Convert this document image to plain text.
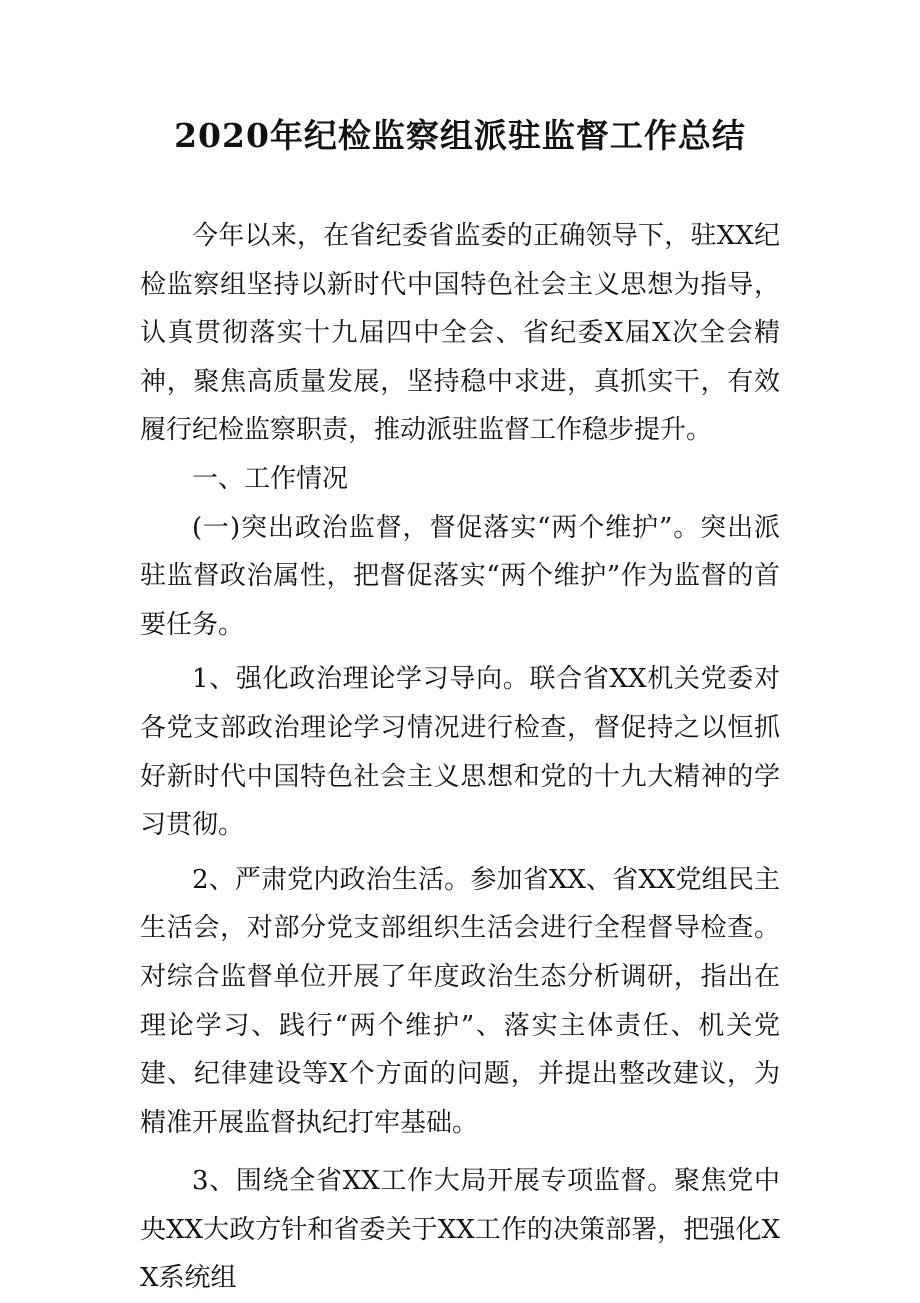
2020年纪检监察组派驻监督工作总结

今年以来，在省纪委省监委的正确领导下，驻XX纪检监察组坚持以新时代中国特色社会主义思想为指导，认真贯彻落实十九届四中全会、省纪委X届X次全会精神，聚焦高质量发展，坚持稳中求进，真抓实干，有效履行纪检监察职责，推动派驻监督工作稳步提升。

一、工作情况

(一)突出政治监督，督促落实“两个维护”。突出派驻监督政治属性，把督促落实“两个维护”作为监督的首要任务。

1、强化政治理论学习导向。联合省XX机关党委对各党支部政治理论学习情况进行检查，督促持之以恒抓好新时代中国特色社会主义思想和党的十九大精神的学习贯彻。

2、严肃党内政治生活。参加省XX、省XX党组民主生活会，对部分党支部组织生活会进行全程督导检查。对综合监督单位开展了年度政治生态分析调研，指出在理论学习、践行“两个维护”、落实主体责任、机关党建、纪律建设等X个方面的问题，并提出整改建议，为精准开展监督执纪打牢基础。

3、围绕全省XX工作大局开展专项监督。聚焦党中央XX大政方针和省委关于XX工作的决策部署，把强化XX系统组
